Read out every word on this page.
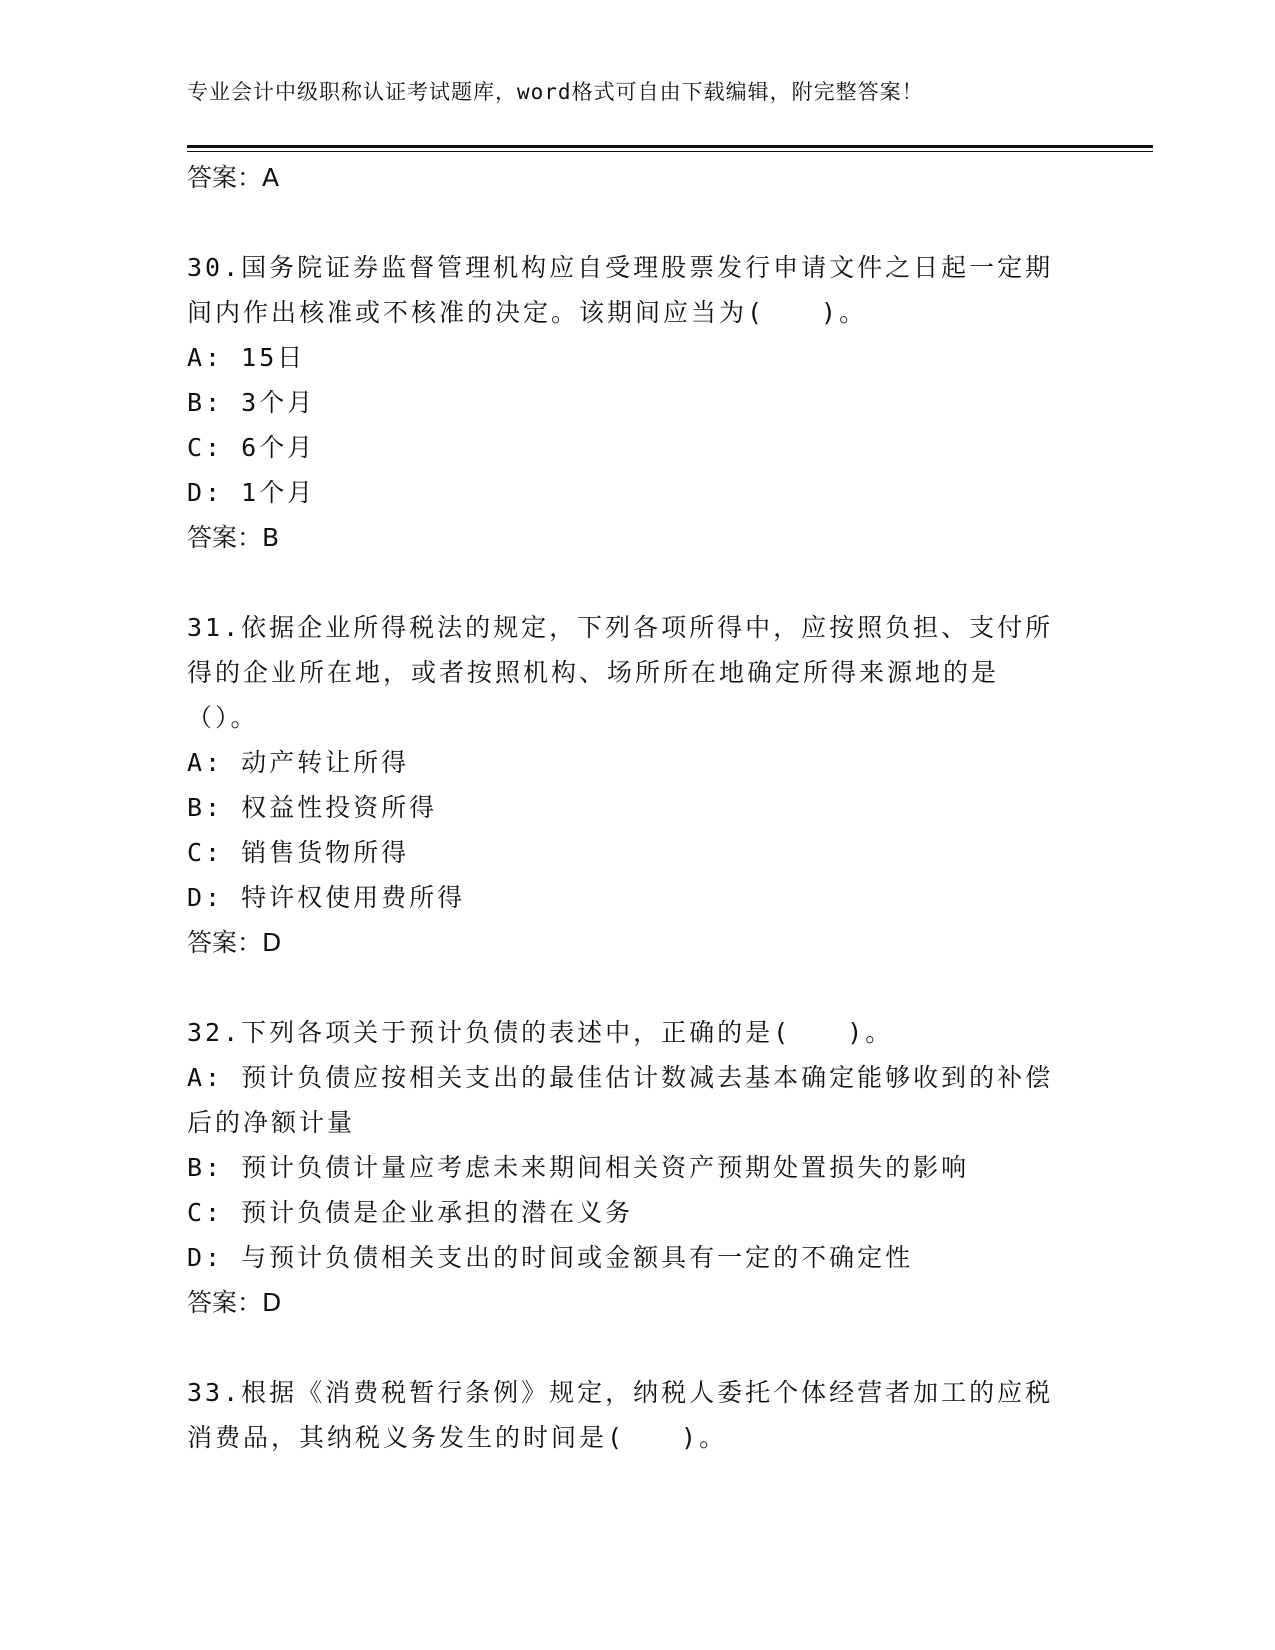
专业会计中级职称认证考试题库，word格式可自由下载编辑，附完整答案！
答案：A
30.国务院证券监督管理机构应自受理股票发行申请文件之日起一定期间内作出核准或不核准的决定。该期间应当为(　　)。
A: 15日
B: 3个月
C: 6个月
D: 1个月
答案：B
31.依据企业所得税法的规定，下列各项所得中，应按照负担、支付所得的企业所在地，或者按照机构、场所所在地确定所得来源地的是（）。
A: 动产转让所得
B: 权益性投资所得
C: 销售货物所得
D: 特许权使用费所得
答案：D
32.下列各项关于预计负债的表述中，正确的是(　　)。
A: 预计负债应按相关支出的最佳估计数减去基本确定能够收到的补偿后的净额计量
B: 预计负债计量应考虑未来期间相关资产预期处置损失的影响
C: 预计负债是企业承担的潜在义务
D: 与预计负债相关支出的时间或金额具有一定的不确定性
答案：D
33.根据《消费税暂行条例》规定，纳税人委托个体经营者加工的应税消费品，其纳税义务发生的时间是(　　)。
